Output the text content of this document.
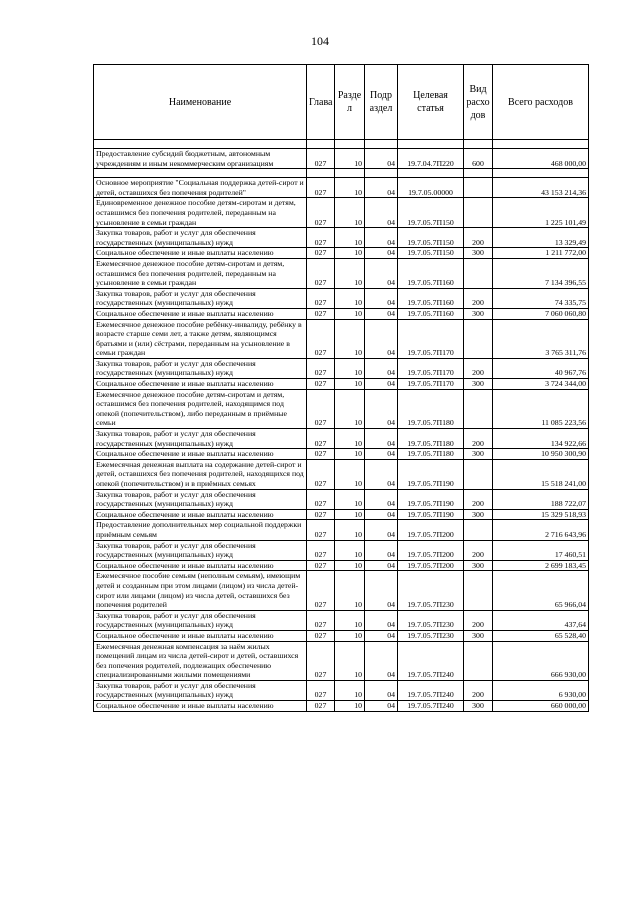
104
Наименование	Глава	Разде л	Подр аздел	Целевая статья	Вид расхо дов	Всего расходов

Предоставление субсидий бюджетным, автономным учреждениям и иным некоммерческим организациям	027	10	04	19.7.04.7П220	600	468 000,00

Основное мероприятие "Социальная поддержка детей-сирот и детей, оставшихся без попечения родителей"	027	10	04	19.7.05.00000		43 153 214,36
Единовременное денежное пособие детям-сиротам и детям, оставшимся без попечения родителей, переданным на усыновление в семьи граждан	027	10	04	19.7.05.7П150		1 225 101,49
Закупка товаров, работ и услуг для обеспечения государственных (муниципальных) нужд	027	10	04	19.7.05.7П150	200	13 329,49
Социальное обеспечение и иные выплаты населению	027	10	04	19.7.05.7П150	300	1 211 772,00
Ежемесячное денежное пособие детям-сиротам и детям, оставшимся без попечения родителей, переданным на усыновление в семьи граждан	027	10	04	19.7.05.7П160		7 134 396,55
Закупка товаров, работ и услуг для обеспечения государственных (муниципальных) нужд	027	10	04	19.7.05.7П160	200	74 335,75
Социальное обеспечение и иные выплаты населению	027	10	04	19.7.05.7П160	300	7 060 060,80
Ежемесячное денежное пособие ребёнку-инвалиду, ребёнку в возрасте старше семи лет, а также детям, являющимся братьями и (или) сёстрами, переданным на усыновление в семьи граждан	027	10	04	19.7.05.7П170		3 765 311,76
Закупка товаров, работ и услуг для обеспечения государственных (муниципальных) нужд	027	10	04	19.7.05.7П170	200	40 967,76
Социальное обеспечение и иные выплаты населению	027	10	04	19.7.05.7П170	300	3 724 344,00
Ежемесячное денежное пособие детям-сиротам и детям, оставшимся без попечения родителей, находящимся под опекой (попечительством), либо переданным в приёмные семьи	027	10	04	19.7.05.7П180		11 085 223,56
Закупка товаров, работ и услуг для обеспечения государственных (муниципальных) нужд	027	10	04	19.7.05.7П180	200	134 922,66
Социальное обеспечение и иные выплаты населению	027	10	04	19.7.05.7П180	300	10 950 300,90
Ежемесячная денежная выплата на содержание детей-сирот и детей, оставшихся без попечения родителей, находящихся под опекой (попечительством) и в приёмных семьях	027	10	04	19.7.05.7П190		15 518 241,00
Закупка товаров, работ и услуг для обеспечения государственных (муниципальных) нужд	027	10	04	19.7.05.7П190	200	188 722,07
Социальное обеспечение и иные выплаты населению	027	10	04	19.7.05.7П190	300	15 329 518,93
Предоставление дополнительных мер социальной поддержки приёмным семьям	027	10	04	19.7.05.7П200		2 716 643,96
Закупка товаров, работ и услуг для обеспечения государственных (муниципальных) нужд	027	10	04	19.7.05.7П200	200	17 460,51
Социальное обеспечение и иные выплаты населению	027	10	04	19.7.05.7П200	300	2 699 183,45
Ежемесячное пособие семьям (неполным семьям), имеющим детей и созданным при этом лицами (лицом) из числа детей-сирот или лицами (лицом) из числа детей, оставшихся без попечения родителей	027	10	04	19.7.05.7П230		65 966,04
Закупка товаров, работ и услуг для обеспечения государственных (муниципальных) нужд	027	10	04	19.7.05.7П230	200	437,64
Социальное обеспечение и иные выплаты населению	027	10	04	19.7.05.7П230	300	65 528,40
Ежемесячная денежная компенсация за наём жилых помещений лицам из числа детей-сирот и детей, оставшихся без попечения родителей, подлежащих обеспечению специализированными жилыми помещениями	027	10	04	19.7.05.7П240		666 930,00
Закупка товаров, работ и услуг для обеспечения государственных (муниципальных) нужд	027	10	04	19.7.05.7П240	200	6 930,00
Социальное обеспечение и иные выплаты населению	027	10	04	19.7.05.7П240	300	660 000,00
